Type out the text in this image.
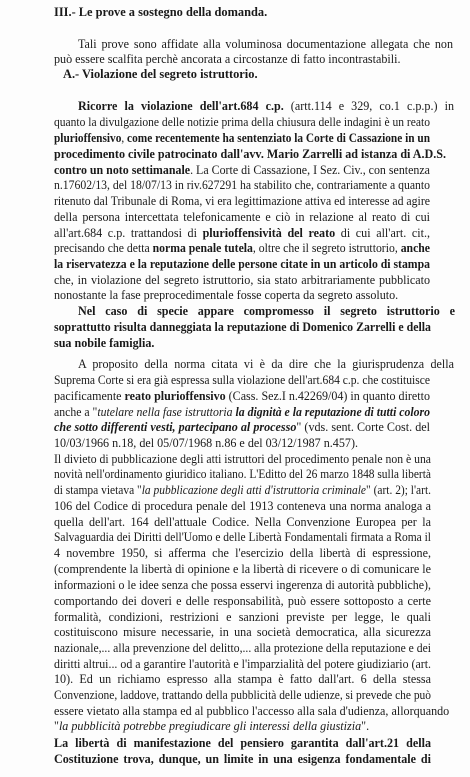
III.- Le prove a sostegno della domanda.
A.- Violazione del segreto istruttorio.
Tali prove sono affidate alla voluminosa documentazione allegata che non
può essere scalfita perchè ancorata a circostanze di fatto incontrastabili.
Ricorre la violazione dell'art.684 c.p. (artt.114 e 329, co.1 c.p.p.) in
quanto la divulgazione delle notizie prima della chiusura delle indagini è un reato
plurioffensivo, come recentemente ha sentenziato la Corte di Cassazione in un
procedimento civile patrocinato dall'avv. Mario Zarrelli ad istanza di A.D.S.
contro un noto settimanale. La Corte di Cassazione, I Sez. Civ., con sentenza
n.17602/13, del 18/07/13 in riv.627291 ha stabilito che, contrariamente a quanto
ritenuto dal Tribunale di Roma, vi era legittimazione attiva ed interesse ad agire
della persona intercettata telefonicamente e ciò in relazione al reato di cui
all'art.684 c.p. trattandosi di plurioffensività del reato di cui all'art. cit.,
precisando che detta norma penale tutela, oltre che il segreto istruttorio, anche
la riservatezza e la reputazione delle persone citate in un articolo di stampa
che, in violazione del segreto istruttorio, sia stato arbitrariamente pubblicato
nonostante la fase preprocedimentale fosse coperta da segreto assoluto.
Nel caso di specie appare compromesso il segreto istruttorio e
soprattutto risulta danneggiata la reputazione di Domenico Zarrelli e della
sua nobile famiglia.
A proposito della norma citata vi è da dire che la giurisprudenza della
Suprema Corte si era già espressa sulla violazione dell'art.684 c.p. che costituisce
pacificamente reato plurioffensivo (Cass. Sez.I n.42269/04) in quanto diretto
anche a "tutelare nella fase istruttoria la dignità e la reputazione di tutti coloro
che sotto differenti vesti, partecipano al processo" (vds. sent. Corte Cost. del
10/03/1966 n.18, del 05/07/1968 n.86 e del 03/12/1987 n.457).
Il divieto di pubblicazione degli atti istruttori del procedimento penale non è una
novità nell'ordinamento giuridico italiano. L'Editto del 26 marzo 1848 sulla libertà
di stampa vietava "la pubblicazione degli atti d'istruttoria criminale" (art. 2); l'art.
106 del Codice di procedura penale del 1913 conteneva una norma analoga a
quella dell'art. 164 dell'attuale Codice. Nella Convenzione Europea per la
Salvaguardia dei Diritti dell'Uomo e delle Libertà Fondamentali firmata a Roma il
4 novembre 1950, si afferma che l'esercizio della libertà di espressione,
(comprendente la libertà di opinione e la libertà di ricevere o di comunicare le
informazioni o le idee senza che possa esservi ingerenza di autorità pubbliche),
comportando dei doveri e delle responsabilità, può essere sottoposto a certe
formalità, condizioni, restrizioni e sanzioni previste per legge, le quali
costituiscono misure necessarie, in una società democratica, alla sicurezza
nazionale,... alla prevenzione del delitto,... alla protezione della reputazione e dei
diritti altrui... od a garantire l'autorità e l'imparzialità del potere giudiziario (art.
10). Ed un richiamo espresso alla stampa è fatto dall'art. 6 della stessa
Convenzione, laddove, trattando della pubblicità delle udienze, si prevede che può
essere vietato alla stampa ed al pubblico l'accesso alla sala d'udienza, allorquando
"la pubblicità potrebbe pregiudicare gli interessi della giustizia".
La libertà di manifestazione del pensiero garantita dall'art.21 della
Costituzione trova, dunque, un limite in una esigenza fondamentale di
